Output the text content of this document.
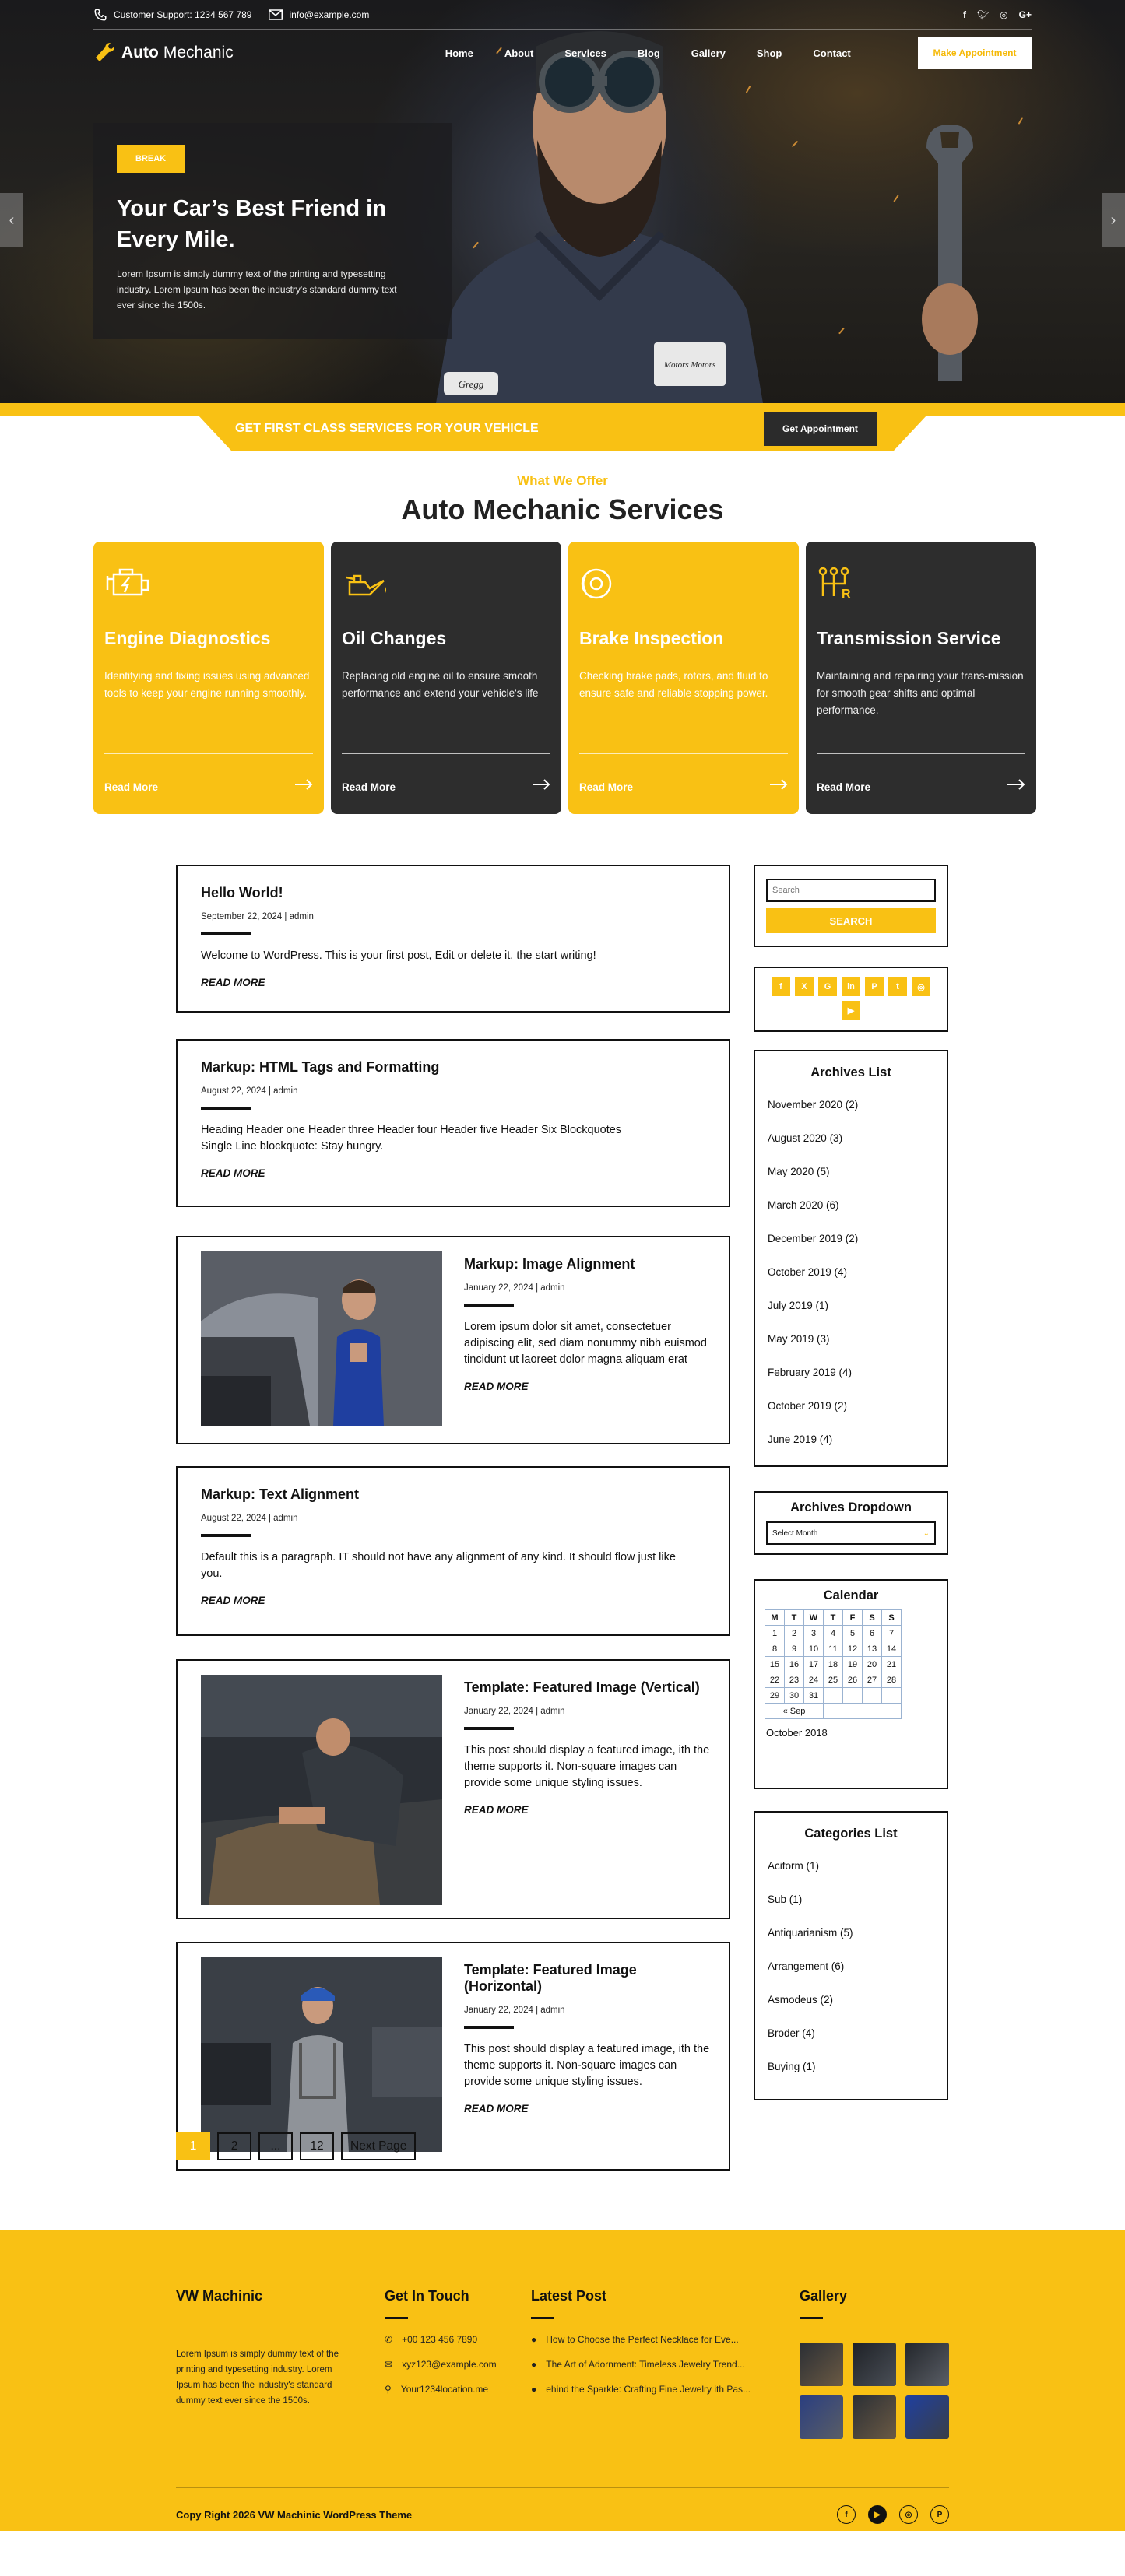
Motors Motors
Gregg
Customer Support: 1234 567 789	info@example.com	f 🐦︎ ◎ G+
Auto Mechanic	Home	About	Services	Blog	Gallery	Shop	Contact	Make Appointment
BREAK
Your Car’s Best Friend in Every Mile.
Lorem Ipsum is simply dummy text of the printing and typesetting industry. Lorem Ipsum has been the industry's standard dummy text ever since the 1500s.
‹	›
GET FIRST CLASS SERVICES FOR YOUR VEHICLE	Get Appointment
What We Offer
Auto Mechanic Services
Engine Diagnostics
Identifying and fixing issues using advanced tools to keep your engine running smoothly.
Read More
Oil Changes
Replacing old engine oil to ensure smooth performance and extend your vehicle's life
Read More
Brake Inspection
Checking brake pads, rotors, and fluid to ensure safe and reliable stopping power.
Read More
R
Transmission Service
Maintaining and repairing your trans-mission for smooth gear shifts and optimal performance.
Read More
Hello World!
September 22, 2024 | admin
Welcome to WordPress. This is your first post, Edit or delete it, the start writing!
READ MORE
Markup: HTML Tags and Formatting
August 22, 2024 | admin
Heading Header one Header three Header four Header five Header Six Blockquotes Single Line blockquote: Stay hungry.
READ MORE
Markup: Image Alignment
January 22, 2024 | admin
Lorem ipsum dolor sit amet, consectetuer adipiscing elit, sed diam nonummy nibh euismod tincidunt ut laoreet dolor magna aliquam erat
READ MORE
Markup: Text Alignment
August 22, 2024 | admin
Default this is a paragraph. IT should not have any alignment of any kind. It should flow just like you.
READ MORE
Template: Featured Image (Vertical)
January 22, 2024 | admin
This post should display a featured image, ith the theme supports it. Non-square images can provide some unique styling issues.
READ MORE
Template: Featured Image (Horizontal)
January 22, 2024 | admin
This post should display a featured image, ith the theme supports it. Non-square images can provide some unique styling issues.
READ MORE
1	2	...	12	Next Page
Search SEARCH
f	X	G	in	P	t	◎
▶
Archives List
November 2020 (2)
August 2020 (3)
May 2020 (5)
March 2020 (6)
December 2019 (2)
October 2019 (4)
July 2019 (1)
May 2019 (3)
February 2019 (4)
October 2019 (2)
June 2019 (4)
Archives Dropdown
Select Month	⌄
Calendar
M	T	W	T	F	S	S
1	2	3	4	5	6	7
8	9	10	11	12	13	14
15	16	17	18	19	20	21
22	23	24	25	26	27	28
29	30	31				
« Sep						
October 2018
Categories List
Aciform (1)
Sub (1)
Antiquarianism (5)
Arrangement (6)
Asmodeus (2)
Broder (4)
Buying (1)
VW Machinic
Lorem Ipsum is simply dummy text of the printing and typesetting industry. Lorem Ipsum has been the industry's standard dummy text ever since the 1500s.
Get In Touch
✆ +00 123 456 7890
✉ xyz123@example.com
⚲ Your1234location.me
Latest Post
● How to Choose the Perfect Necklace for Eve...
● The Art of Adornment: Timeless Jewelry Trend...
● ehind the Sparkle: Crafting Fine Jewelry ith Pas...
Gallery
Copy Right 2026 VW Machinic WordPress Theme	f	▶	◎	P
